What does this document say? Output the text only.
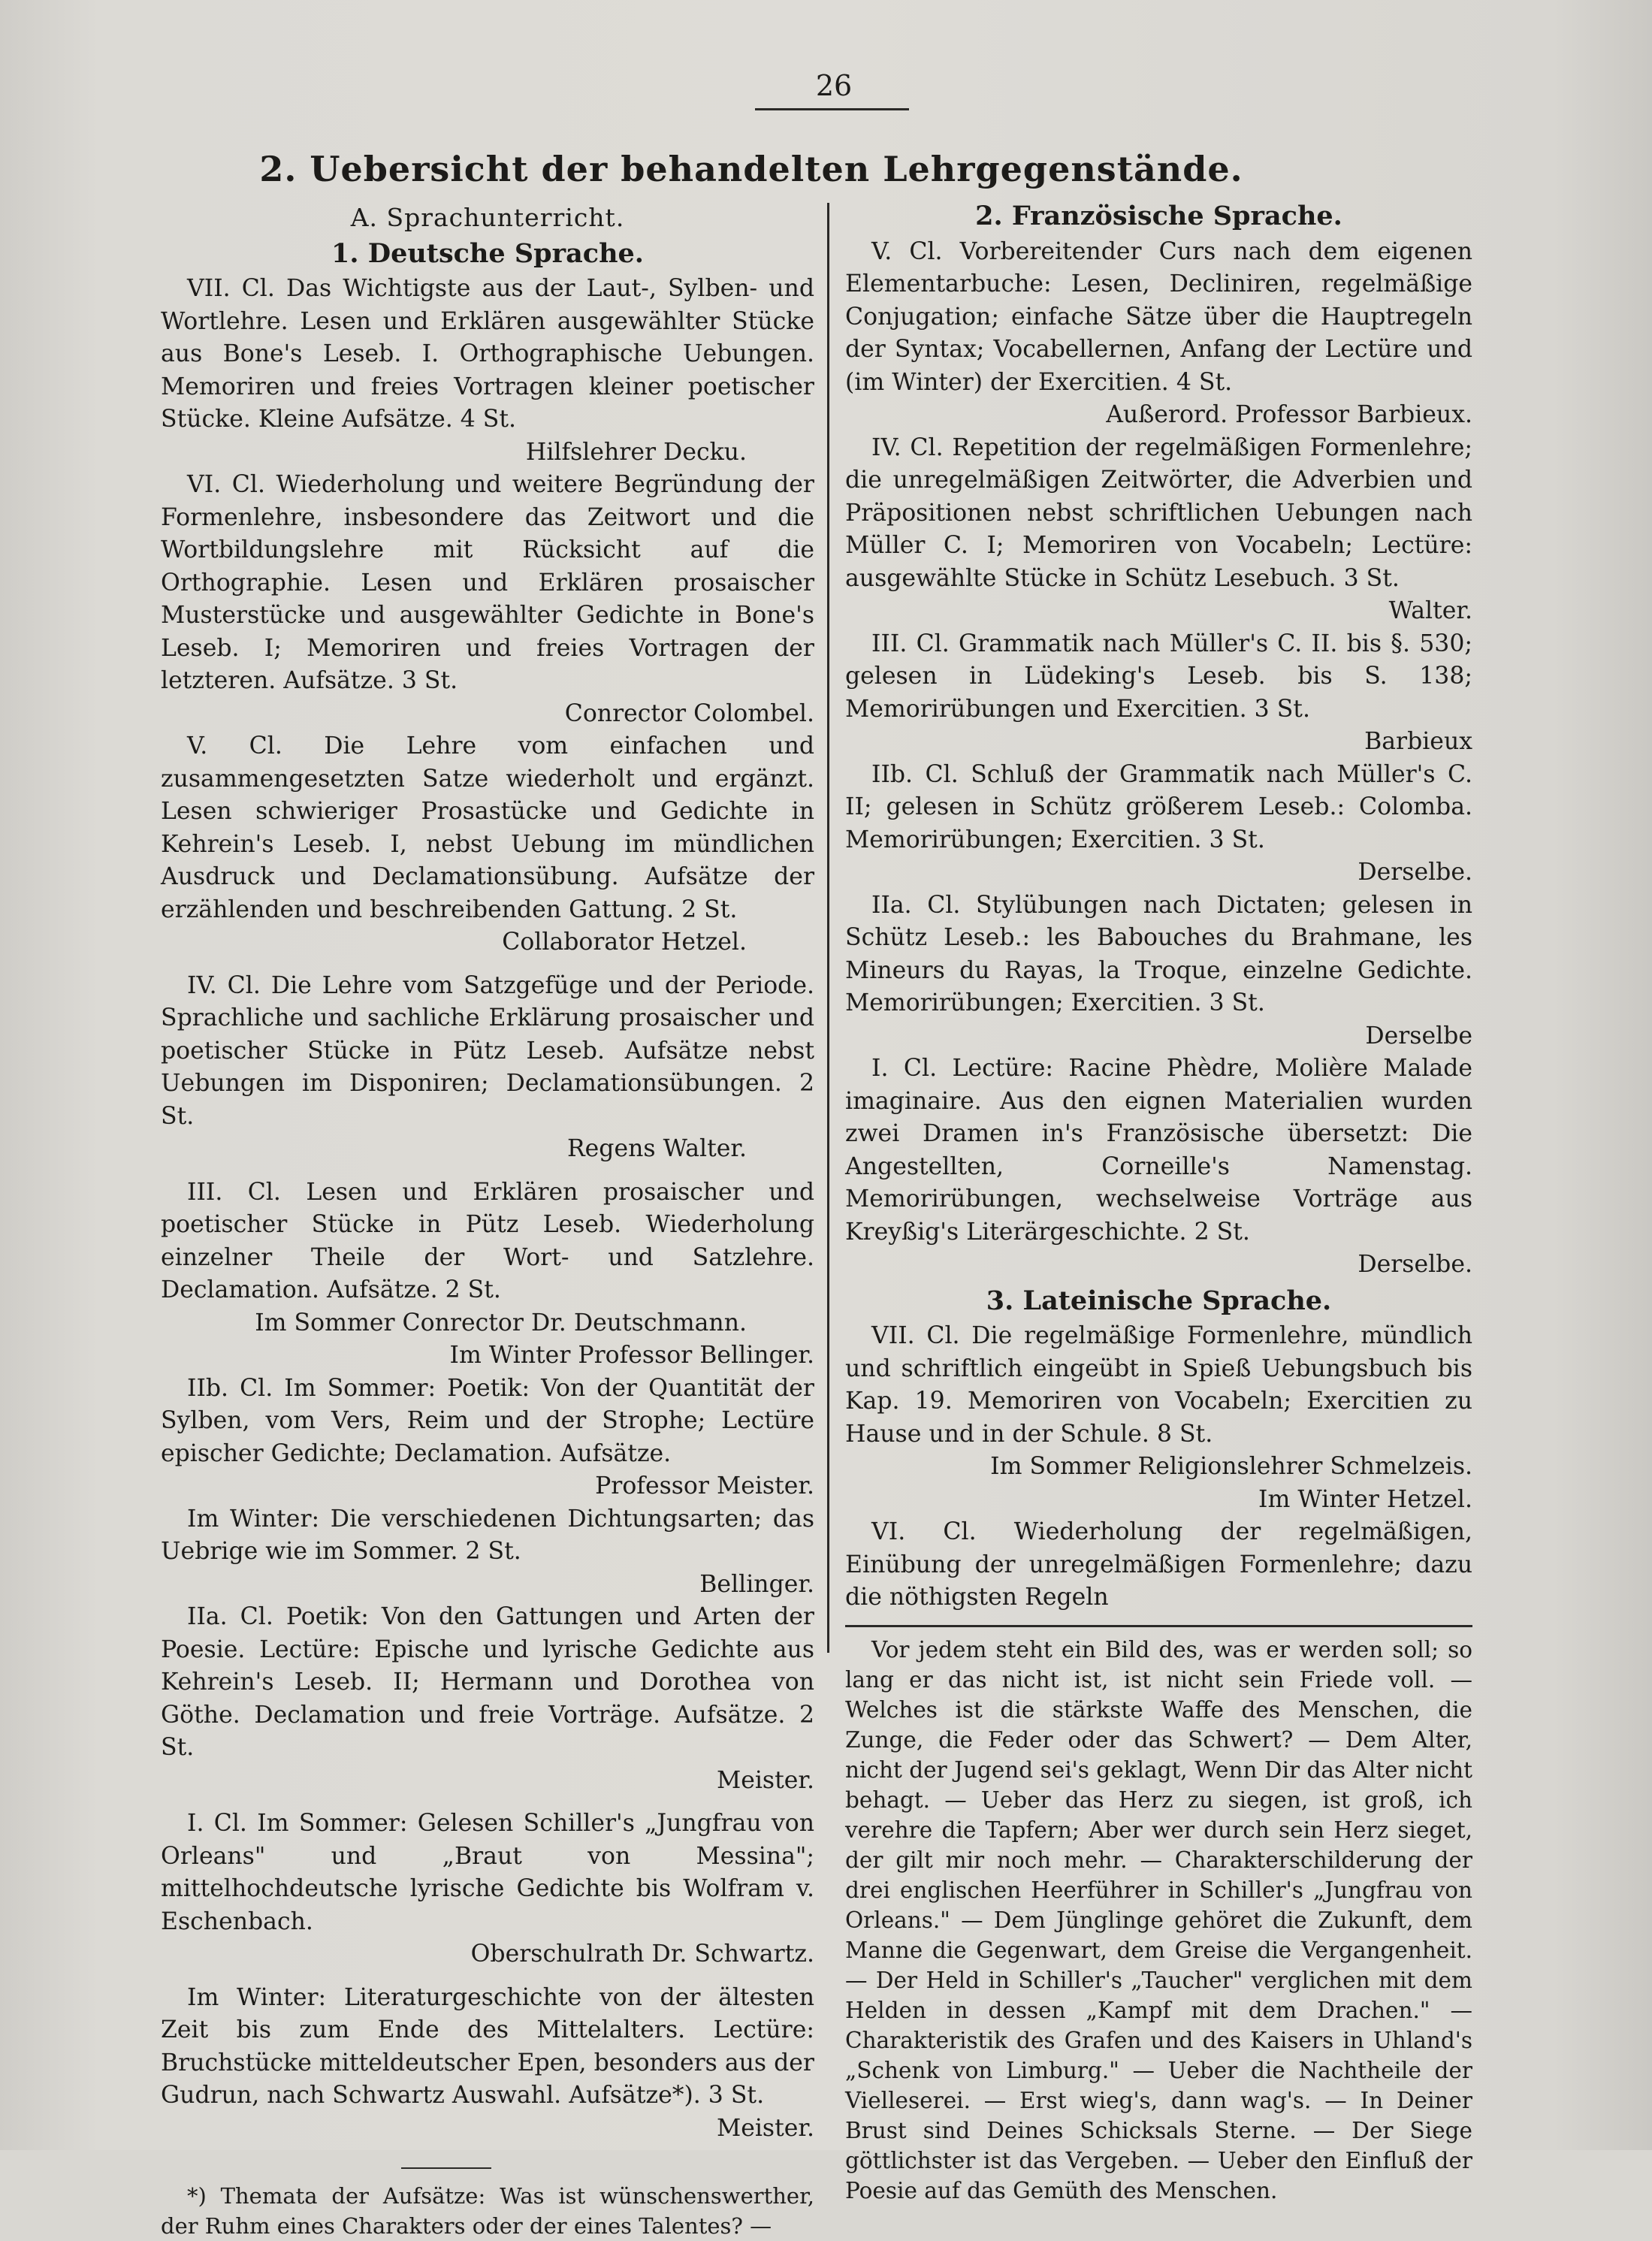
26
2. Uebersicht der behandelten Lehrgegenstände.
A. Sprachunterricht.
1. Deutsche Sprache.

VII. Cl. Das Wichtigste aus der Laut-, Sylben- und Wortlehre. Lesen und Erklären ausgewählter Stücke aus Bone's Leseb. I. Orthographische Uebungen. Memoriren und freies Vortragen kleiner poetischer Stücke. Kleine Aufsätze. 4 St.

Hilfslehrer Decku.

VI. Cl. Wiederholung und weitere Begründung der Formenlehre, insbesondere das Zeitwort und die Wortbildungslehre mit Rücksicht auf die Orthographie. Lesen und Erklären prosaischer Musterstücke und ausgewählter Gedichte in Bone's Leseb. I; Memoriren und freies Vortragen der letzteren. Aufsätze. 3 St.

Conrector Colombel.

V. Cl. Die Lehre vom einfachen und zusammengesetzten Satze wiederholt und ergänzt. Lesen schwieriger Prosastücke und Gedichte in Kehrein's Leseb. I, nebst Uebung im mündlichen Ausdruck und Declamationsübung. Aufsätze der erzählenden und beschreibenden Gattung. 2 St.

Collaborator Hetzel.

IV. Cl. Die Lehre vom Satzgefüge und der Periode. Sprachliche und sachliche Erklärung prosaischer und poetischer Stücke in Pütz Leseb. Aufsätze nebst Uebungen im Disponiren; Declamationsübungen. 2 St.

Regens Walter.

III. Cl. Lesen und Erklären prosaischer und poetischer Stücke in Pütz Leseb. Wiederholung einzelner Theile der Wort- und Satzlehre. Declamation. Aufsätze. 2 St.

Im Sommer Conrector Dr. Deutschmann.

Im Winter Professor Bellinger.

IIb. Cl. Im Sommer: Poetik: Von der Quantität der Sylben, vom Vers, Reim und der Strophe; Lectüre epischer Gedichte; Declamation. Aufsätze.

Professor Meister.

Im Winter: Die verschiedenen Dichtungsarten; das Uebrige wie im Sommer. 2 St.

Bellinger.

IIa. Cl. Poetik: Von den Gattungen und Arten der Poesie. Lectüre: Epische und lyrische Gedichte aus Kehrein's Leseb. II; Hermann und Dorothea von Göthe. Declamation und freie Vorträge. Aufsätze. 2 St.

Meister.

I. Cl. Im Sommer: Gelesen Schiller's „Jungfrau von Orleans" und „Braut von Messina"; mittelhochdeutsche lyrische Gedichte bis Wolfram v. Eschenbach.

Oberschulrath Dr. Schwartz.

Im Winter: Literaturgeschichte von der ältesten Zeit bis zum Ende des Mittelalters. Lectüre: Bruchstücke mitteldeutscher Epen, besonders aus der Gudrun, nach Schwartz Auswahl. Aufsätze*). 3 St.

Meister.

*) Themata der Aufsätze: Was ist wünschenswerther, der Ruhm eines Charakters oder der eines Talentes? —

2. Französische Sprache.

V. Cl. Vorbereitender Curs nach dem eigenen Elementarbuche: Lesen, Decliniren, regelmäßige Conjugation; einfache Sätze über die Hauptregeln der Syntax; Vocabellernen, Anfang der Lectüre und (im Winter) der Exercitien. 4 St.

Außerord. Professor Barbieux.

IV. Cl. Repetition der regelmäßigen Formenlehre; die unregelmäßigen Zeitwörter, die Adverbien und Präpositionen nebst schriftlichen Uebungen nach Müller C. I; Memoriren von Vocabeln; Lectüre: ausgewählte Stücke in Schütz Lesebuch. 3 St.

Walter.

III. Cl. Grammatik nach Müller's C. II. bis §. 530; gelesen in Lüdeking's Leseb. bis S. 138; Memorirübungen und Exercitien. 3 St.

Barbieux

IIb. Cl. Schluß der Grammatik nach Müller's C. II; gelesen in Schütz größerem Leseb.: Colomba. Memorirübungen; Exercitien. 3 St.

Derselbe.

IIa. Cl. Stylübungen nach Dictaten; gelesen in Schütz Leseb.: les Babouches du Brahmane, les Mineurs du Rayas, la Troque, einzelne Gedichte. Memorirübungen; Exercitien. 3 St.

Derselbe

I. Cl. Lectüre: Racine Phèdre, Molière Malade imaginaire. Aus den eignen Materialien wurden zwei Dramen in's Französische übersetzt: Die Angestellten, Corneille's Namenstag. Memorirübungen, wechselweise Vorträge aus Kreyßig's Literärgeschichte. 2 St.

Derselbe.

3. Lateinische Sprache.

VII. Cl. Die regelmäßige Formenlehre, mündlich und schriftlich eingeübt in Spieß Uebungsbuch bis Kap. 19. Memoriren von Vocabeln; Exercitien zu Hause und in der Schule. 8 St.

Im Sommer Religionslehrer Schmelzeis.

Im Winter Hetzel.

VI. Cl. Wiederholung der regelmäßigen, Einübung der unregelmäßigen Formenlehre; dazu die nöthigsten Regeln

Vor jedem steht ein Bild des, was er werden soll; so lang er das nicht ist, ist nicht sein Friede voll. — Welches ist die stärkste Waffe des Menschen, die Zunge, die Feder oder das Schwert? — Dem Alter, nicht der Jugend sei's geklagt, Wenn Dir das Alter nicht behagt. — Ueber das Herz zu siegen, ist groß, ich verehre die Tapfern; Aber wer durch sein Herz sieget, der gilt mir noch mehr. — Charakterschilderung der drei englischen Heerführer in Schiller's „Jungfrau von Orleans." — Dem Jünglinge gehöret die Zukunft, dem Manne die Gegenwart, dem Greise die Vergangenheit. — Der Held in Schiller's „Taucher" verglichen mit dem Helden in dessen „Kampf mit dem Drachen." — Charakteristik des Grafen und des Kaisers in Uhland's „Schenk von Limburg." — Ueber die Nachtheile der Vielleserei. — Erst wieg's, dann wag's. — In Deiner Brust sind Deines Schicksals Sterne. — Der Siege göttlichster ist das Vergeben. — Ueber den Einfluß der Poesie auf das Gemüth des Menschen.
